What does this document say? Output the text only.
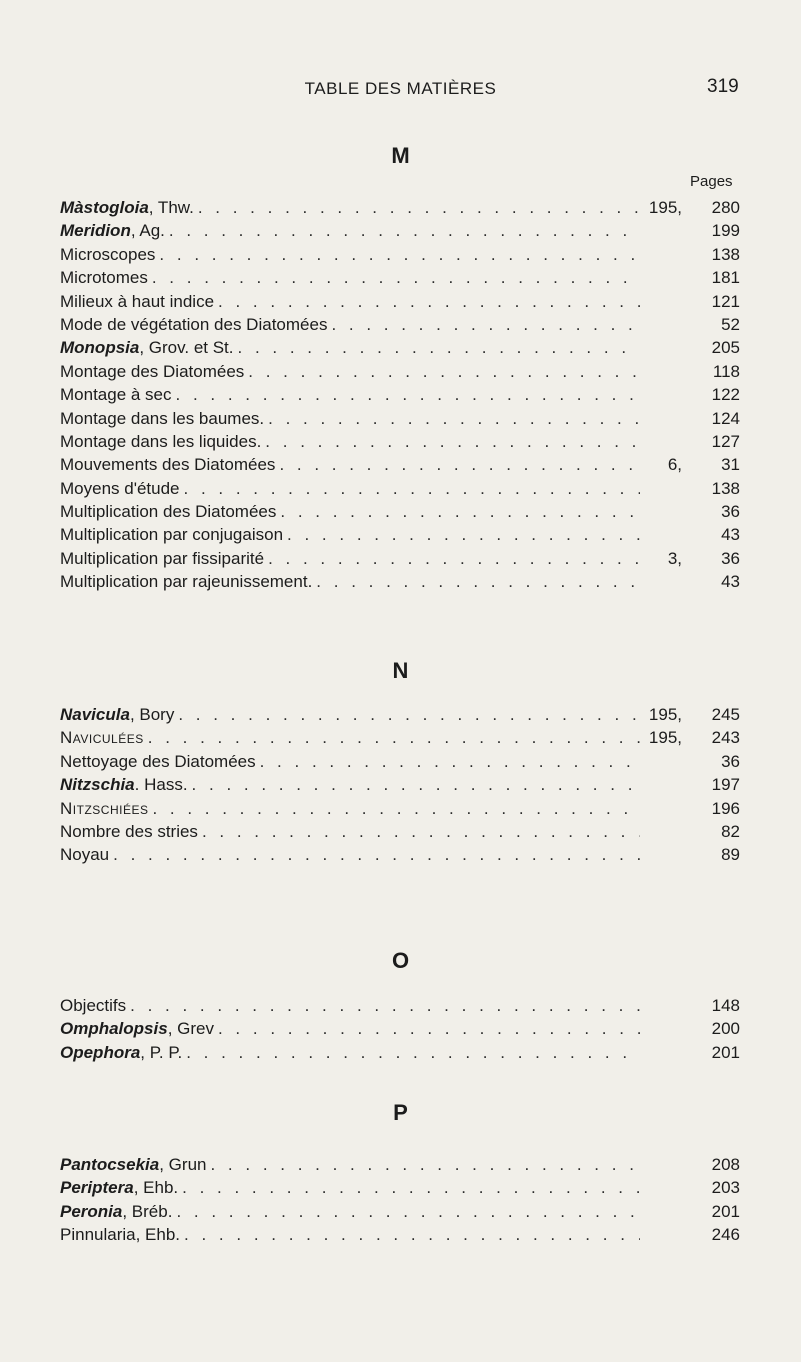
TABLE DES MATIÈRES	319
M
Pages
Màstogloia, Thw. . . .	195,	280
Meridion, Ag. . . .	199
Microscopes . . .	138
Microtomes . . .	181
Milieux à haut indice . . .	121
Mode de végétation des Diatomées . . .	52
Monopsia, Grov. et St. . . .	205
Montage des Diatomées . . .	118
Montage à sec . . .	122
Montage dans les baumes. . . .	124
Montage dans les liquides. . . .	127
Mouvements des Diatomées . . .	6,	31
Moyens d'étude . . .	138
Multiplication des Diatomées . . .	36
Multiplication par conjugaison . . .	43
Multiplication par fissiparité . . .	3,	36
Multiplication par rajeunissement. . . .	43
N
Navicula, Bory . . .	195,	245
Naviculées . . .	195,	243
Nettoyage des Diatomées . . .	36
Nitzschia. Hass. . . .	197
Nitzschiées . . .	196
Nombre des stries . . .	82
Noyau . . .	89
O
Objectifs . . .	148
Omphalopsis, Grev . . .	200
Opephora, P. P. . . .	201
P
Pantocsekia, Grun . . .	208
Periptera, Ehb. . . .	203
Peronia, Bréb. . . .	201
Pinnularia, Ehb. . . .	246
